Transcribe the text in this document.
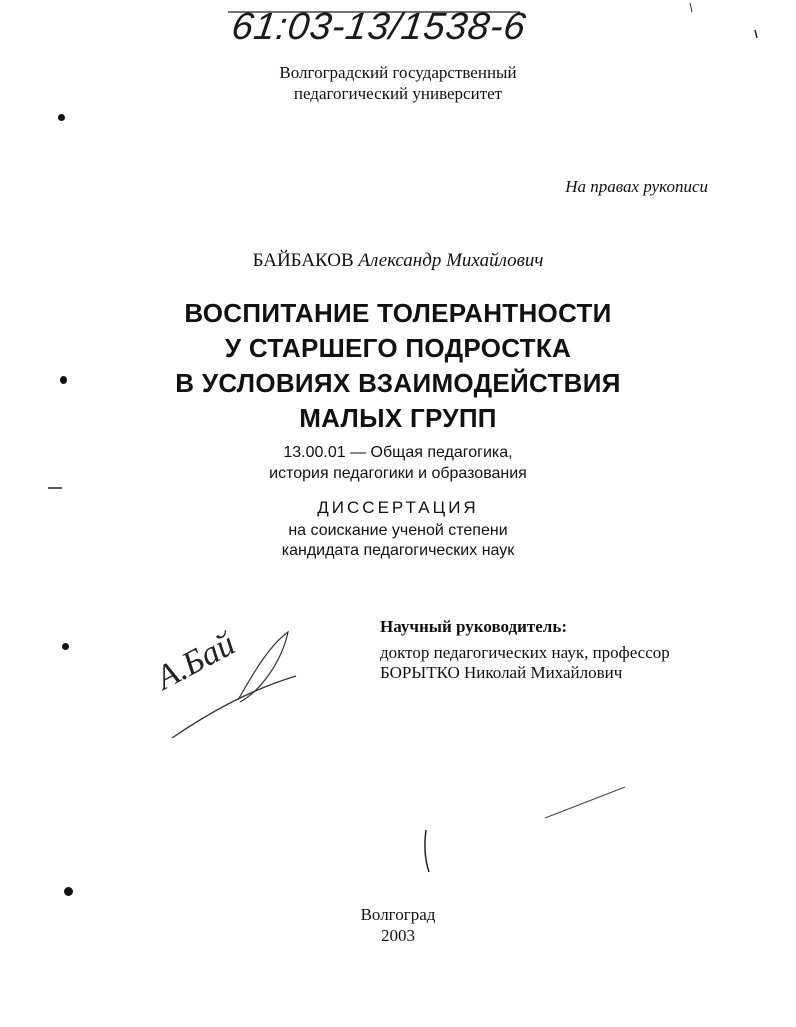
61:03-13/1538-6
Волгоградский государственный
педагогический университет
На правах рукописи
БАЙБАКОВ Александр Михайлович
ВОСПИТАНИЕ ТОЛЕРАНТНОСТИ
У СТАРШЕГО ПОДРОСТКА
В УСЛОВИЯХ ВЗАИМОДЕЙСТВИЯ
МАЛЫХ ГРУПП
13.00.01 — Общая педагогика,
история педагогики и образования
ДИССЕРТАЦИЯ
на соискание ученой степени
кандидата педагогических наук
Научный руководитель:
доктор педагогических наук, профессор
БОРЫТКО Николай Михайлович
А.Бай
Волгоград
2003
